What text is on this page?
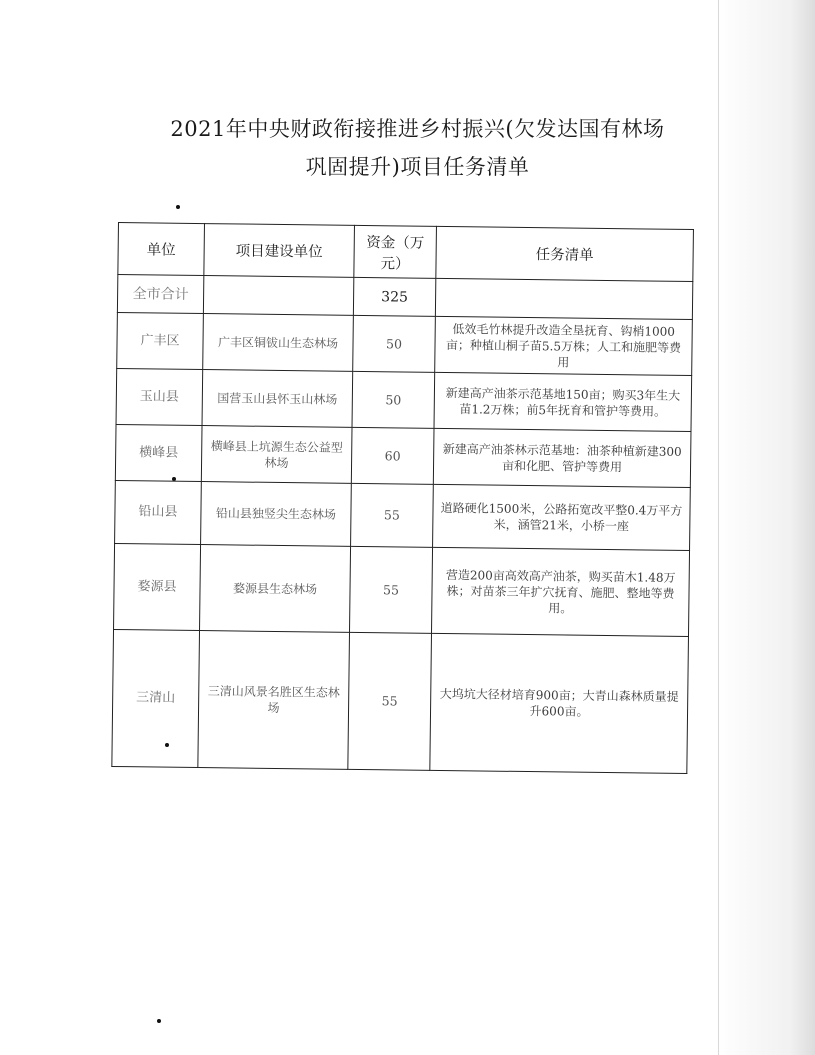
2021年中央财政衔接推进乡村振兴(欠发达国有林场
巩固提升)项目任务清单
单位	项目建设单位	资金（万元）	任务清单
全市合计		325	
广丰区	广丰区铜钹山生态林场	50	低效毛竹林提升改造全垦抚育、钩梢1000亩；种植山桐子苗5.5万株；人工和施肥等费用
玉山县	国营玉山县怀玉山林场	50	新建高产油茶示范基地150亩；购买3年生大苗1.2万株；前5年抚育和管护等费用。
横峰县	横峰县上坑源生态公益型林场	60	新建高产油茶林示范基地：油茶种植新建300亩和化肥、管护等费用
铅山县	铅山县独竖尖生态林场	55	道路硬化1500米，公路拓宽改平整0.4万平方米，涵管21米，小桥一座
婺源县	婺源县生态林场	55	营造200亩高效高产油茶，购买苗木1.48万株；对苗茶三年扩穴抚育、施肥、整地等费用。
三清山	三清山风景名胜区生态林场	55	大坞坑大径材培育900亩；大青山森林质量提升600亩。
